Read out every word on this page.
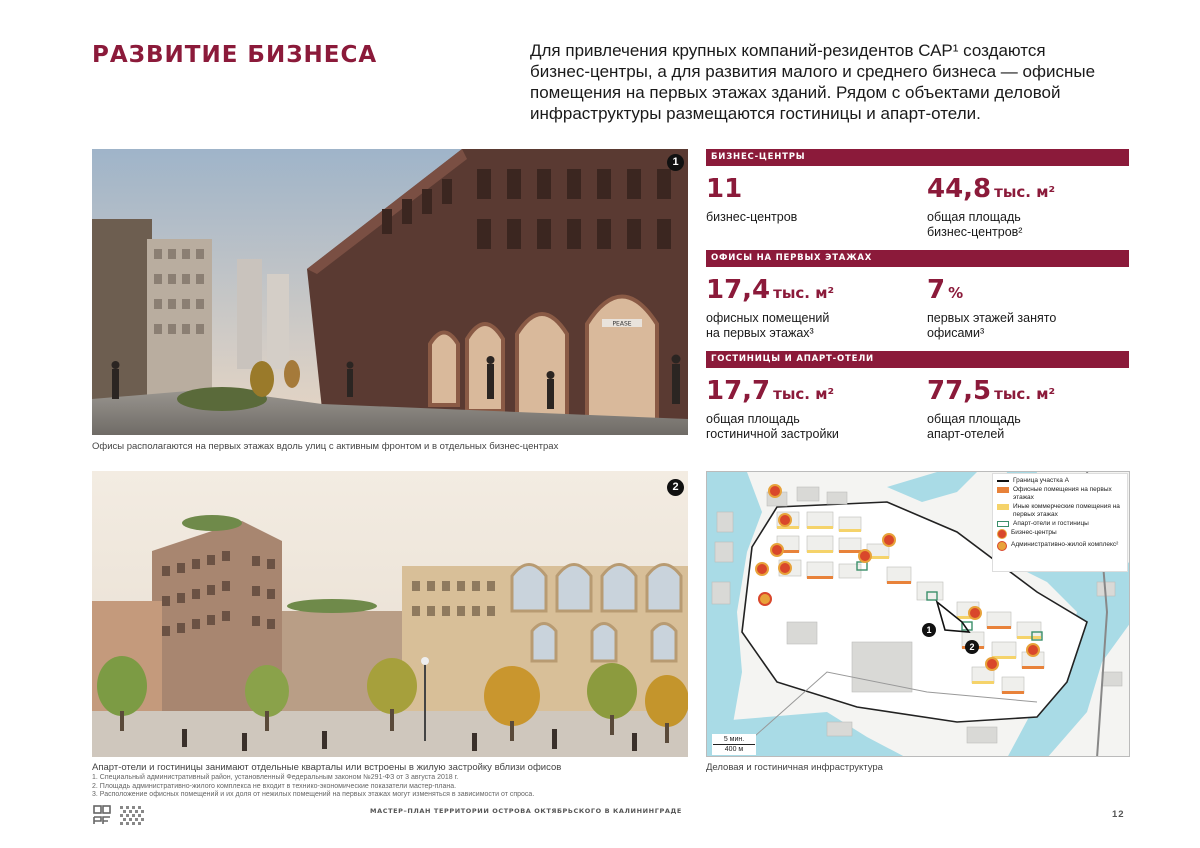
РАЗВИТИЕ БИЗНЕСА	Для привлечения крупных компаний-резидентов САР¹ создаются
бизнес-центры, а для развития малого и среднего бизнеса — офисные
помещения на первых этажах зданий. Рядом с объектами деловой
инфраструктуры размещаются гостиницы и апарт-отели.
PEASE
1
Офисы располагаются на первых этажах вдоль улиц с активным фронтом и в отдельных бизнес-центрах
2
Апарт-отели и гостиницы занимают отдельные кварталы или встроены в жилую застройку вблизи офисов
1. Специальный административный район, установленный Федеральным законом №291-ФЗ от 3 августа 2018 г.
2. Площадь административно-жилого комплекса не входит в технико-экономические показатели мастер-плана.
3. Расположение офисных помещений и их доля от нежилых помещений на первых этажах могут изменяться в зависимости от спроса.
БИЗНЕС-ЦЕНТРЫ
11
бизнес-центров
44,8 тыс. м²
общая площадь
бизнес-центров²
ОФИСЫ НА ПЕРВЫХ ЭТАЖАХ
17,4 тыс. м²
офисных помещений
на первых этажах³
7 %
первых этажей занято
офисами³
ГОСТИНИЦЫ И АПАРТ-ОТЕЛИ
17,7 тыс. м²
общая площадь
гостиничной застройки
77,5 тыс. м²
общая площадь
апарт-отелей
1
2
Граница участка А
Офисные помещения на первых этажах
Иные коммерческие помещения на первых этажах
Апарт-отели и гостиницы
Бизнес-центры
Административно-жилой комплекс²
5 мин.
400 м
Деловая и гостиничная инфраструктура
МАСТЕР–ПЛАН ТЕРРИТОРИИ ОСТРОВА ОКТЯБРЬСКОГО В КАЛИНИНГРАДЕ	12
